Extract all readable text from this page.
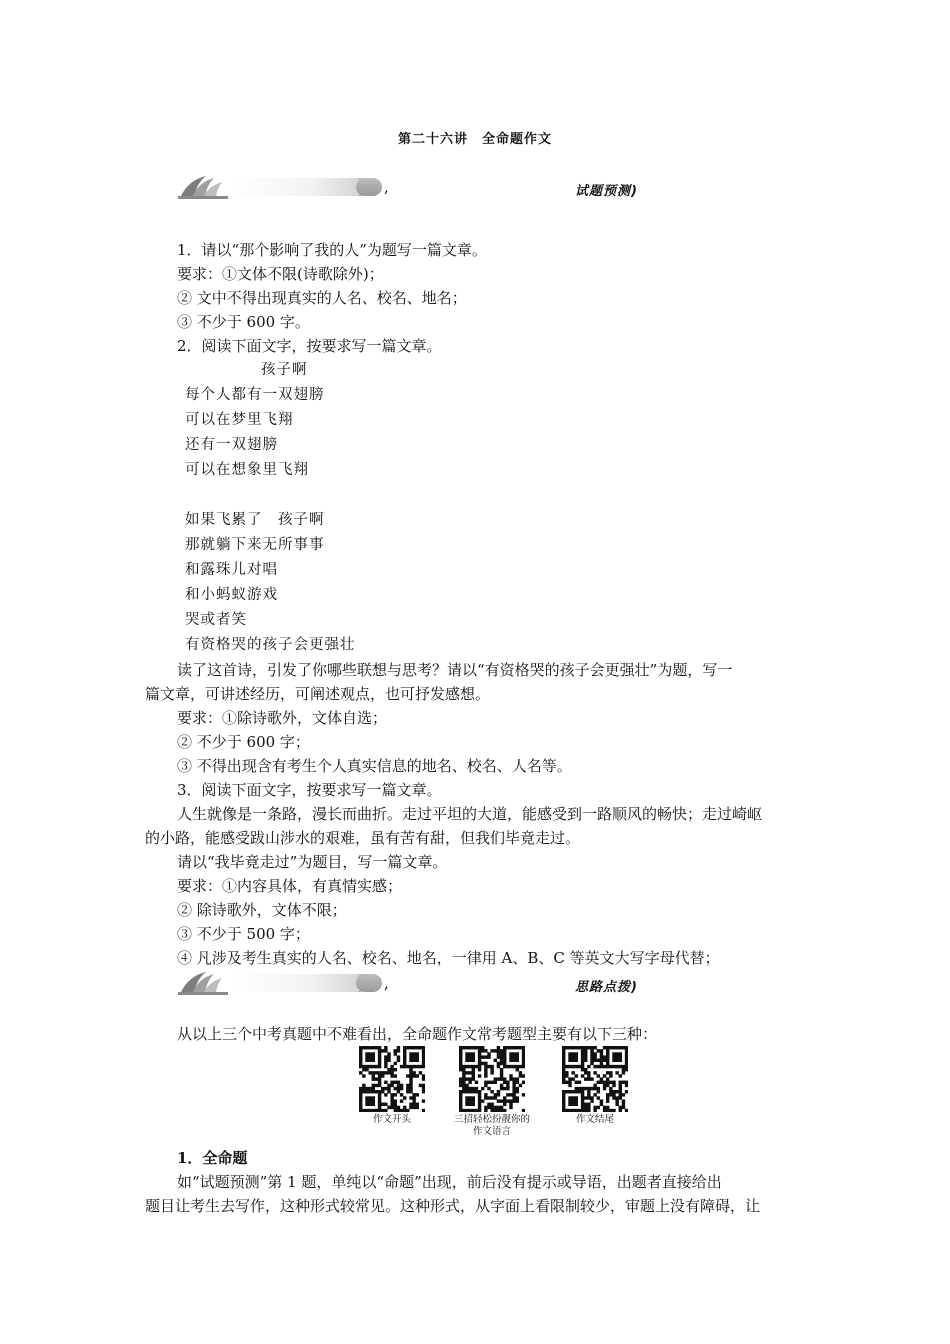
第二十六讲　全命题作文
,	试题预测)
,	思路点拨)
1．请以“那个影响了我的人”为题写一篇文章。
要求：①文体不限(诗歌除外)；
② 文中不得出现真实的人名、校名、地名；
③ 不少于 600 字。
2．阅读下面文字，按要求写一篇文章。
孩子啊
每个人都有一双翅膀
可以在梦里飞翔
还有一双翅膀
可以在想象里飞翔
如果飞累了　孩子啊
那就躺下来无所事事
和露珠儿对唱
和小蚂蚁游戏
哭或者笑
有资格哭的孩子会更强壮
读了这首诗，引发了你哪些联想与思考？请以“有资格哭的孩子会更强壮”为题，写一
篇文章，可讲述经历，可阐述观点，也可抒发感想。
要求：①除诗歌外，文体自选；
② 不少于 600 字；
③ 不得出现含有考生个人真实信息的地名、校名、人名等。
3．阅读下面文字，按要求写一篇文章。
人生就像是一条路，漫长而曲折。走过平坦的大道，能感受到一路顺风的畅快；走过崎岖
的小路，能感受跋山涉水的艰难，虽有苦有甜，但我们毕竟走过。
请以“我毕竟走过”为题目，写一篇文章。
要求：①内容具体，有真情实感；
② 除诗歌外，文体不限；
③ 不少于 500 字；
④ 凡涉及考生真实的人名、校名、地名，一律用 A、B、C 等英文大写字母代替；
从以上三个中考真题中不难看出，全命题作文常考题型主要有以下三种：
1．全命题
如“试题预测”第 1 题，单纯以“命题”出现，前后没有提示或导语，出题者直接给出
题目让考生去写作，这种形式较常见。这种形式，从字面上看限制较少，审题上没有障碍，让
作文开头	三招轻松扮靓你的作文语言
作文结尾
